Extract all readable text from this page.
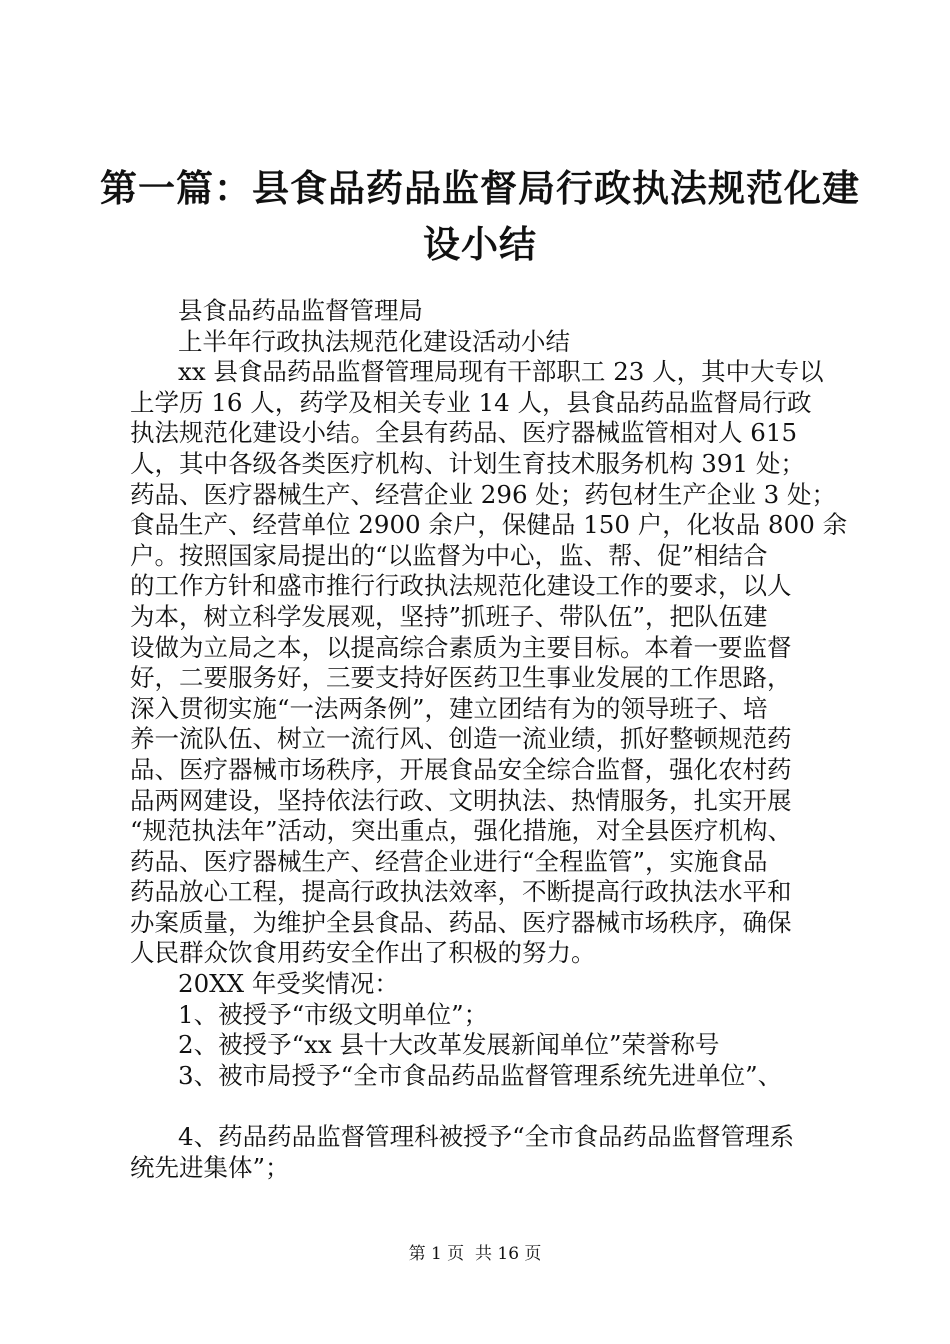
第一篇：县食品药品监督局行政执法规范化建
设小结

县食品药品监督管理局

上半年行政执法规范化建设活动小结

xx 县食品药品监督管理局现有干部职工 23 人，其中大专以

上学历 16 人，药学及相关专业 14 人，县食品药品监督局行政

执法规范化建设小结。全县有药品、医疗器械监管相对人 615

人，其中各级各类医疗机构、计划生育技术服务机构 391 处；

药品、医疗器械生产、经营企业 296 处；药包材生产企业 3 处；

食品生产、经营单位 2900 余户，保健品 150 户，化妆品 800 余

户。按照国家局提出的“以监督为中心，监、帮、促”相结合

的工作方针和盛市推行行政执法规范化建设工作的要求，以人

为本，树立科学发展观，坚持”抓班子、带队伍”，把队伍建

设做为立局之本，以提高综合素质为主要目标。本着一要监督

好，二要服务好，三要支持好医药卫生事业发展的工作思路，

深入贯彻实施“一法两条例”，建立团结有为的领导班子、培

养一流队伍、树立一流行风、创造一流业绩，抓好整顿规范药

品、医疗器械市场秩序，开展食品安全综合监督，强化农村药

品两网建设，坚持依法行政、文明执法、热情服务，扎实开展

“规范执法年”活动，突出重点，强化措施，对全县医疗机构、

药品、医疗器械生产、经营企业进行“全程监管”，实施食品

药品放心工程，提高行政执法效率，不断提高行政执法水平和

办案质量，为维护全县食品、药品、医疗器械市场秩序，确保

人民群众饮食用药安全作出了积极的努力。

20XX 年受奖情况：

1、被授予“市级文明单位”；

2、被授予“xx 县十大改革发展新闻单位”荣誉称号

3、被市局授予“全市食品药品监督管理系统先进单位”、

4、药品药品监督管理科被授予“全市食品药品监督管理系

统先进集体”；

第 1 页  共 16 页
